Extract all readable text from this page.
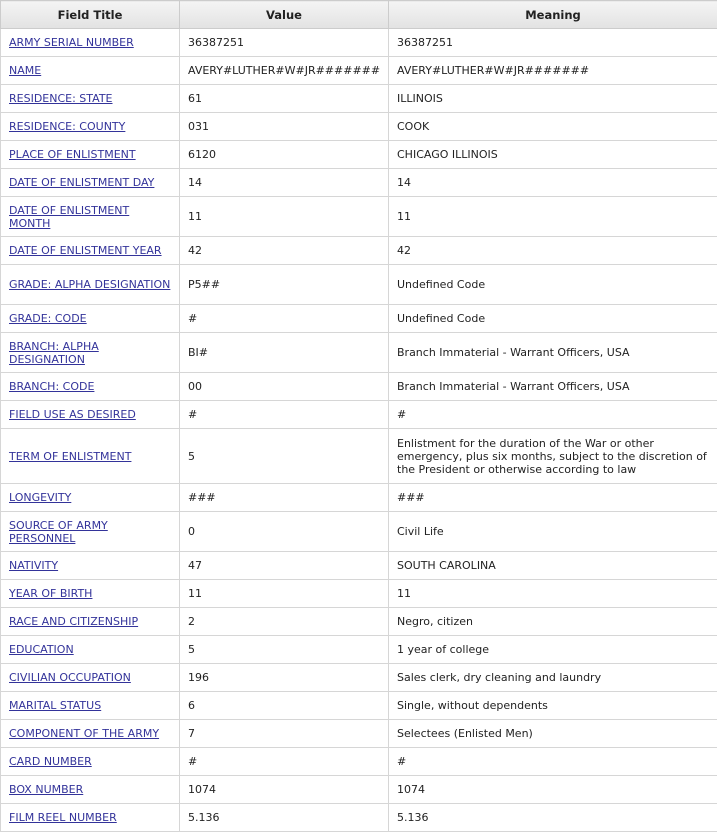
Field Title	Value	Meaning
ARMY SERIAL NUMBER	36387251	36387251
NAME	AVERY#LUTHER#W#JR#######	AVERY#LUTHER#W#JR#######
RESIDENCE: STATE	61	ILLINOIS
RESIDENCE: COUNTY	031	COOK
PLACE OF ENLISTMENT	6120	CHICAGO ILLINOIS
DATE OF ENLISTMENT DAY	14	14
DATE OF ENLISTMENT MONTH	11	11
DATE OF ENLISTMENT YEAR	42	42
GRADE: ALPHA DESIGNATION	P5##	Undefined Code
GRADE: CODE	#	Undefined Code
BRANCH: ALPHA DESIGNATION	BI#	Branch Immaterial - Warrant Officers, USA
BRANCH: CODE	00	Branch Immaterial - Warrant Officers, USA
FIELD USE AS DESIRED	#	#
TERM OF ENLISTMENT	5	Enlistment for the duration of the War or other emergency, plus six months, subject to the discretion of the President or otherwise according to law
LONGEVITY	###	###
SOURCE OF ARMY PERSONNEL	0	Civil Life
NATIVITY	47	SOUTH CAROLINA
YEAR OF BIRTH	11	11
RACE AND CITIZENSHIP	2	Negro, citizen
EDUCATION	5	1 year of college
CIVILIAN OCCUPATION	196	Sales clerk, dry cleaning and laundry
MARITAL STATUS	6	Single, without dependents
COMPONENT OF THE ARMY	7	Selectees (Enlisted Men)
CARD NUMBER	#	#
BOX NUMBER	1074	1074
FILM REEL NUMBER	5.136	5.136
